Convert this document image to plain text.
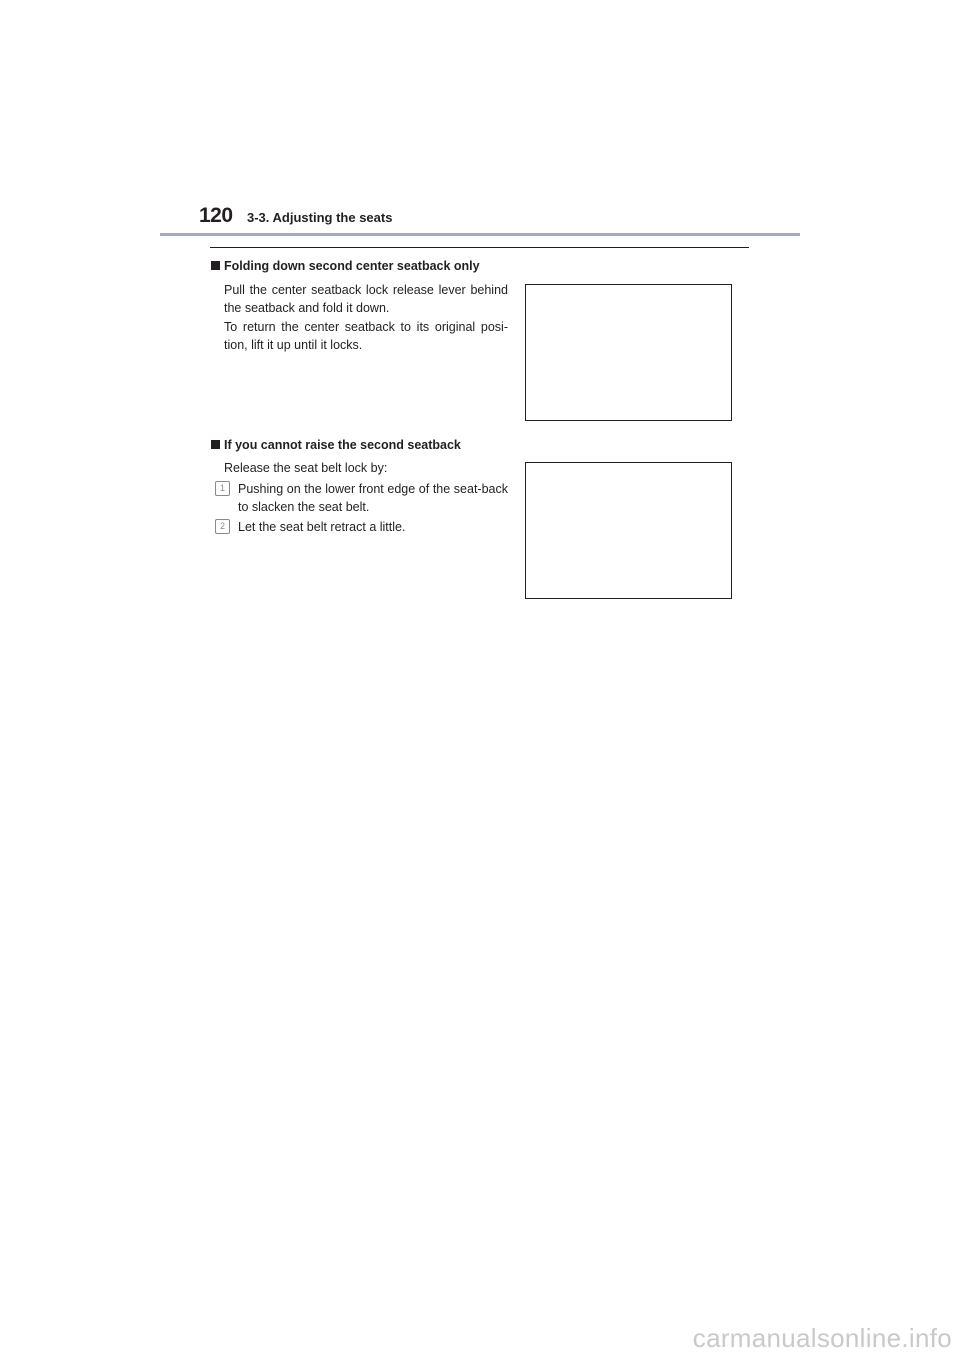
120 3-3. Adjusting the seats
Folding down second center seatback only

Pull the center seatback lock release lever behind the seatback and fold it down.

To return the center seatback to its original posi-tion, lift it up until it locks.

If you cannot raise the second seatback

Release the seat belt lock by:

1	Pushing on the lower front edge of the seat-back to slacken the seat belt.

2	Let the seat belt retract a little.

carmanualsonline.info
